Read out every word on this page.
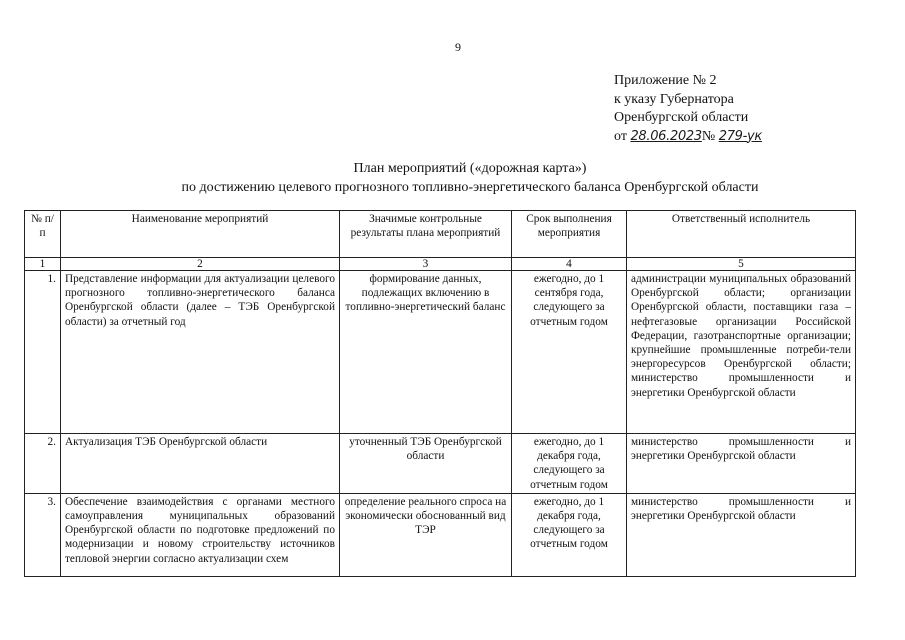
9
Приложение № 2
к указу Губернатора
Оренбургской области
от 28.06.2023№ 279-ук
План мероприятий («дорожная карта»)
по достижению целевого прогнозного топливно-энергетического баланса Оренбургской области
№ п/п	Наименование мероприятий	Значимые контрольные результаты плана мероприятий	Срок выполнения мероприятия	Ответственный исполнитель
1	2	3	4	5
1.	Представление информации для актуализации целевого прогнозного топливно-энергетического баланса Оренбургской области (далее – ТЭБ Оренбургской области) за отчетный год	формирование данных, подлежащих включению в топливно-энергетический баланс	ежегодно, до 1 сентября года, следующего за отчетным годом	администрации муниципальных образований Оренбургской области; организации Оренбургской области, поставщики газа – нефтегазовые организации Российской Федерации, газотранспортные организации; крупнейшие промышленные потреби-тели энергоресурсов Оренбургской области; министерство промышленности и энергетики Оренбургской области
2.	Актуализация ТЭБ Оренбургской области	уточненный ТЭБ Оренбургской области	ежегодно, до 1 декабря года, следующего за отчетным годом	министерство промышленности и энергетики Оренбургской области
3.	Обеспечение взаимодействия с органами местного самоуправления муниципальных образований Оренбургской области по подготовке предложений по модернизации и новому строительству источников тепловой энергии согласно актуализации схем	определение реального спроса на экономически обоснованный вид ТЭР	ежегодно, до 1 декабря года, следующего за отчетным годом	министерство промышленности и энергетики Оренбургской области
